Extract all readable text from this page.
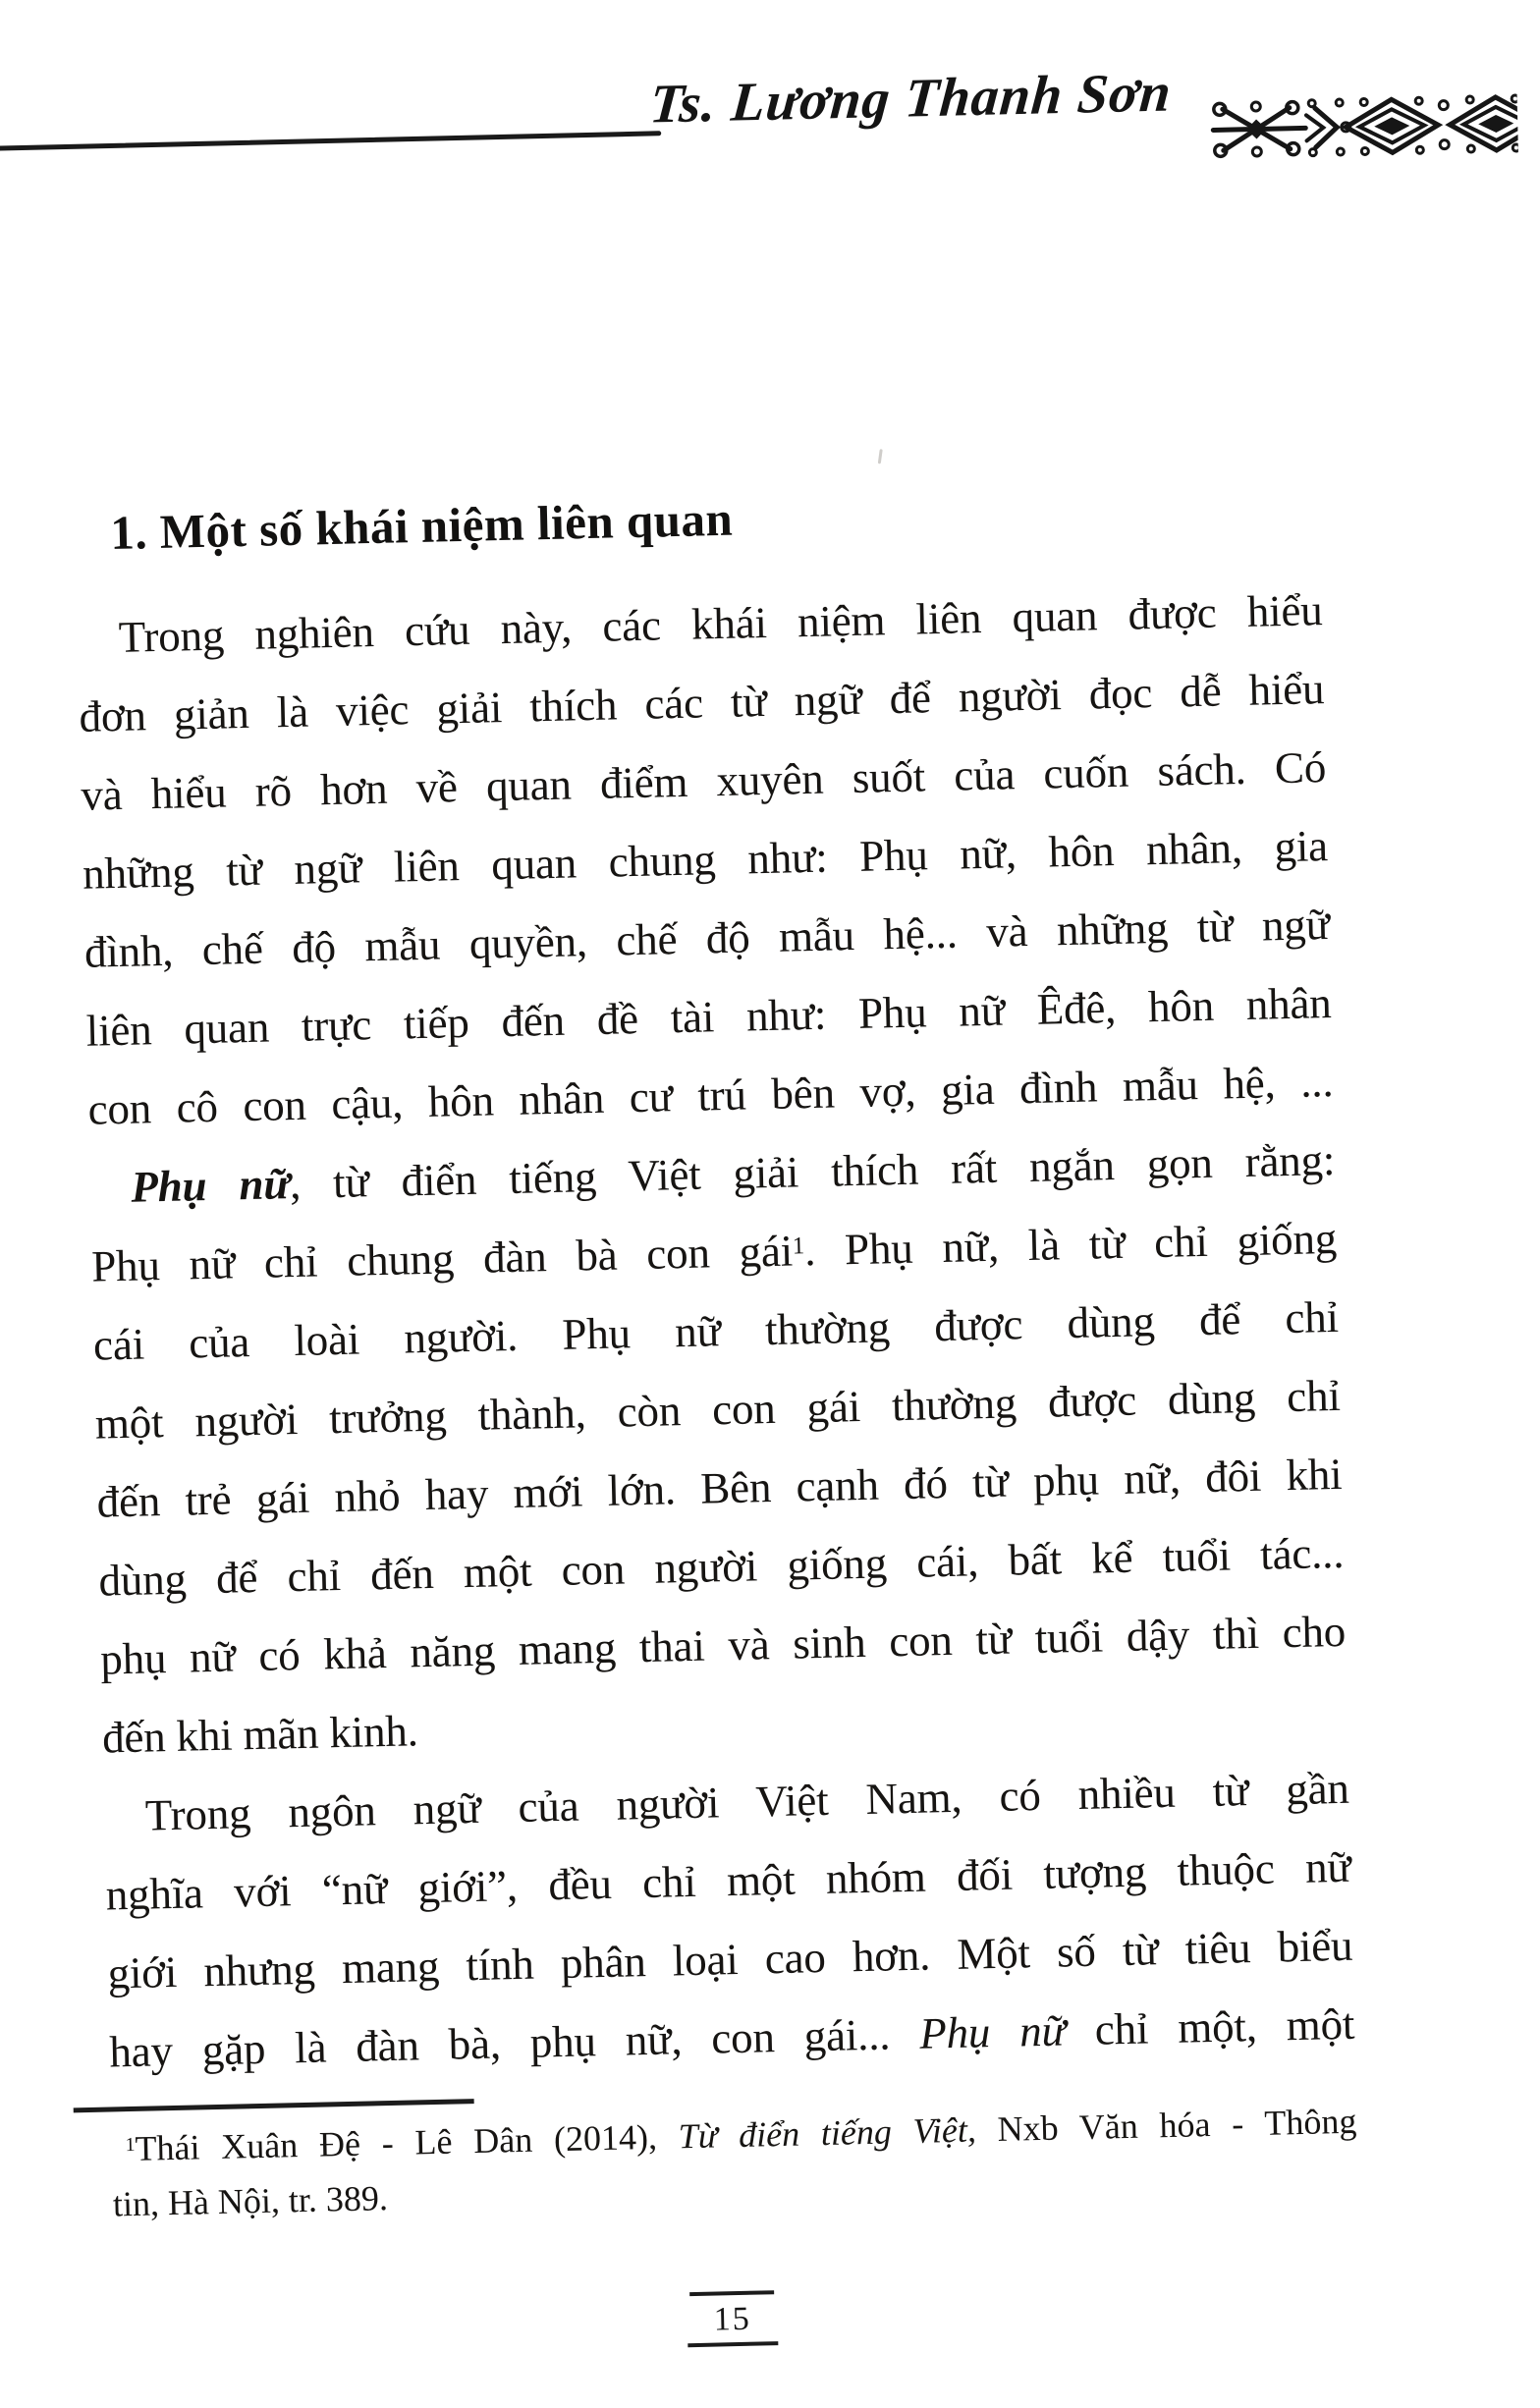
Ts. Lương Thanh Sơn
1. Một số khái niệm liên quan
Trong nghiên cứu này, các khái niệm liên quan được hiểu
đơn giản là việc giải thích các từ ngữ để người đọc dễ hiểu
và hiểu rõ hơn về quan điểm xuyên suốt của cuốn sách. Có
những từ ngữ liên quan chung như: Phụ nữ, hôn nhân, gia
đình, chế độ mẫu quyền, chế độ mẫu hệ... và những từ ngữ
liên quan trực tiếp đến đề tài như: Phụ nữ Êđê, hôn nhân
con cô con cậu, hôn nhân cư trú bên vợ, gia đình mẫu hệ, ...
Phụ nữ, từ điển tiếng Việt giải thích rất ngắn gọn rằng:
Phụ nữ chỉ chung đàn bà con gái$^1$. Phụ nữ, là từ chỉ giống
cái của loài người. Phụ nữ thường được dùng để chỉ
một người trưởng thành, còn con gái thường được dùng chỉ
đến trẻ gái nhỏ hay mới lớn. Bên cạnh đó từ phụ nữ, đôi khi
dùng để chỉ đến một con người giống cái, bất kể tuổi tác...
phụ nữ có khả năng mang thai và sinh con từ tuổi dậy thì cho
đến khi mãn kinh.
Trong ngôn ngữ của người Việt Nam, có nhiều từ gần
nghĩa với “nữ giới”, đều chỉ một nhóm đối tượng thuộc nữ
giới nhưng mang tính phân loại cao hơn. Một số từ tiêu biểu
hay gặp là đàn bà, phụ nữ, con gái... Phụ nữ chỉ một, một
$^1$Thái Xuân Đệ - Lê Dân (2014), Từ điển tiếng Việt, Nxb Văn hóa - Thông
tin, Hà Nội, tr. 389.
15
